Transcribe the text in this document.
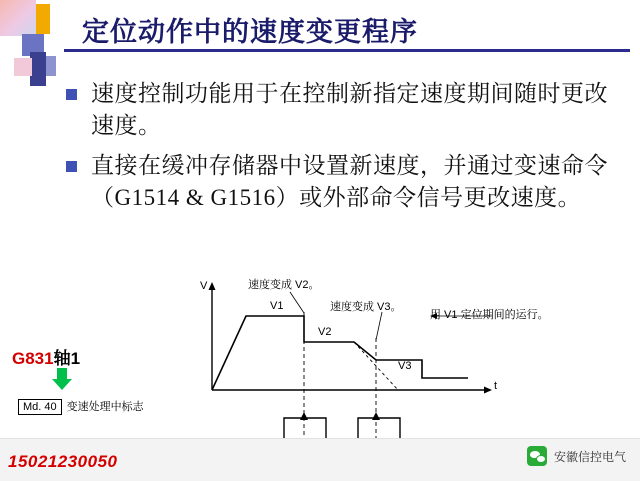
定位动作中的速度变更程序
速度控制功能用于在控制新指定速度期间随时更改速度。
直接在缓冲存储器中设置新速度，并通过变速命令（G1514 & G1516）或外部命令信号更改速度。
G831轴1
Md. 40 变速处理中标志
V
t
速度变成 V2。
速度变成 V3。
用 V1 定位期间的运行。
V1
V2
V3
15021230050	安徽信控电气
